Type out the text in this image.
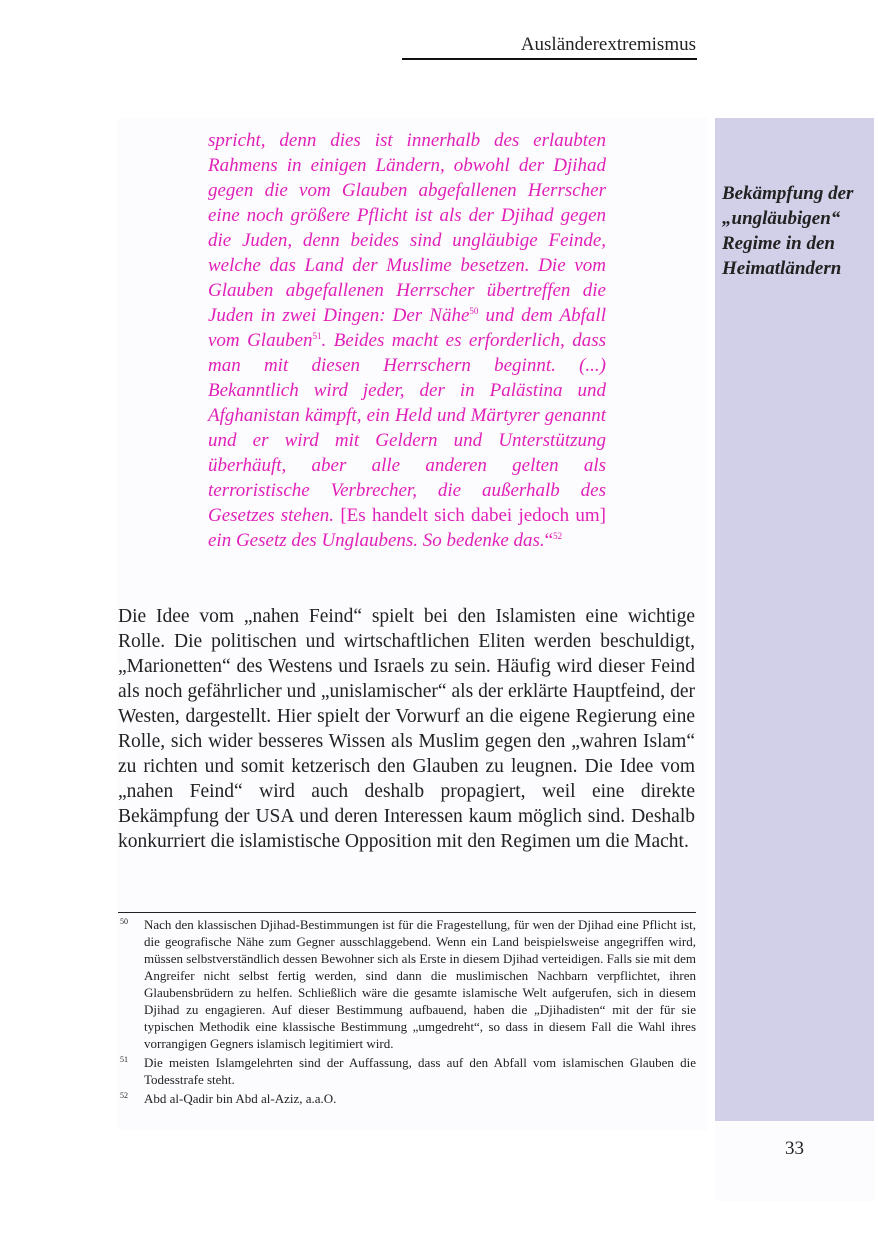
Ausländerextremismus
Bekämpfung der „ungläubigen“ Regime in den Heimatländern
spricht, denn dies ist innerhalb des erlaubten Rahmens in einigen Ländern, obwohl der Djihad gegen die vom Glauben abgefallenen Herrscher eine noch größere Pflicht ist als der Djihad gegen die Juden, denn beides sind ungläubige Feinde, welche das Land der Muslime besetzen. Die vom Glauben abgefallenen Herrscher übertreffen die Juden in zwei Dingen: Der Nähe$^{50}$ und dem Abfall vom Glauben$^{51}$. Beides macht es erforderlich, dass man mit diesen Herrschern beginnt. (...) Bekanntlich wird jeder, der in Palästina und Afghanistan kämpft, ein Held und Märtyrer genannt und er wird mit Geldern und Unterstützung überhäuft, aber alle anderen gelten als terroristische Verbrecher, die außerhalb des Gesetzes stehen. [Es handelt sich dabei jedoch um] ein Gesetz des Unglaubens. So bedenke das.“$^{52}$
Die Idee vom „nahen Feind“ spielt bei den Islamisten eine wichtige Rolle. Die politischen und wirtschaftlichen Eliten werden beschuldigt, „Marionetten“ des Westens und Israels zu sein. Häufig wird dieser Feind als noch gefährlicher und „unislamischer“ als der erklärte Hauptfeind, der Westen, dargestellt. Hier spielt der Vorwurf an die eigene Regierung eine Rolle, sich wider besseres Wissen als Muslim gegen den „wahren Islam“ zu richten und somit ketzerisch den Glauben zu leugnen. Die Idee vom „nahen Feind“ wird auch deshalb propagiert, weil eine direkte Bekämpfung der USA und deren Interessen kaum möglich sind. Deshalb konkurriert die islamistische Opposition mit den Regimen um die Macht.
50 Nach den klassischen Djihad-Bestimmungen ist für die Fragestellung, für wen der Djihad eine Pflicht ist, die geografische Nähe zum Gegner ausschlaggebend. Wenn ein Land beispielsweise angegriffen wird, müssen selbstverständlich dessen Bewohner sich als Erste in diesem Djihad verteidigen. Falls sie mit dem Angreifer nicht selbst fertig werden, sind dann die muslimischen Nachbarn verpflichtet, ihren Glaubensbrüdern zu helfen. Schließlich wäre die gesamte islamische Welt aufgerufen, sich in diesem Djihad zu engagieren. Auf dieser Bestimmung aufbauend, haben die „Djihadisten“ mit der für sie typischen Methodik eine klassische Bestimmung „umgedreht“, so dass in diesem Fall die Wahl ihres vorrangigen Gegners islamisch legitimiert wird.
51 Die meisten Islamgelehrten sind der Auffassung, dass auf den Abfall vom islamischen Glauben die Todesstrafe steht.
52 Abd al-Qadir bin Abd al-Aziz, a.a.O.
33
